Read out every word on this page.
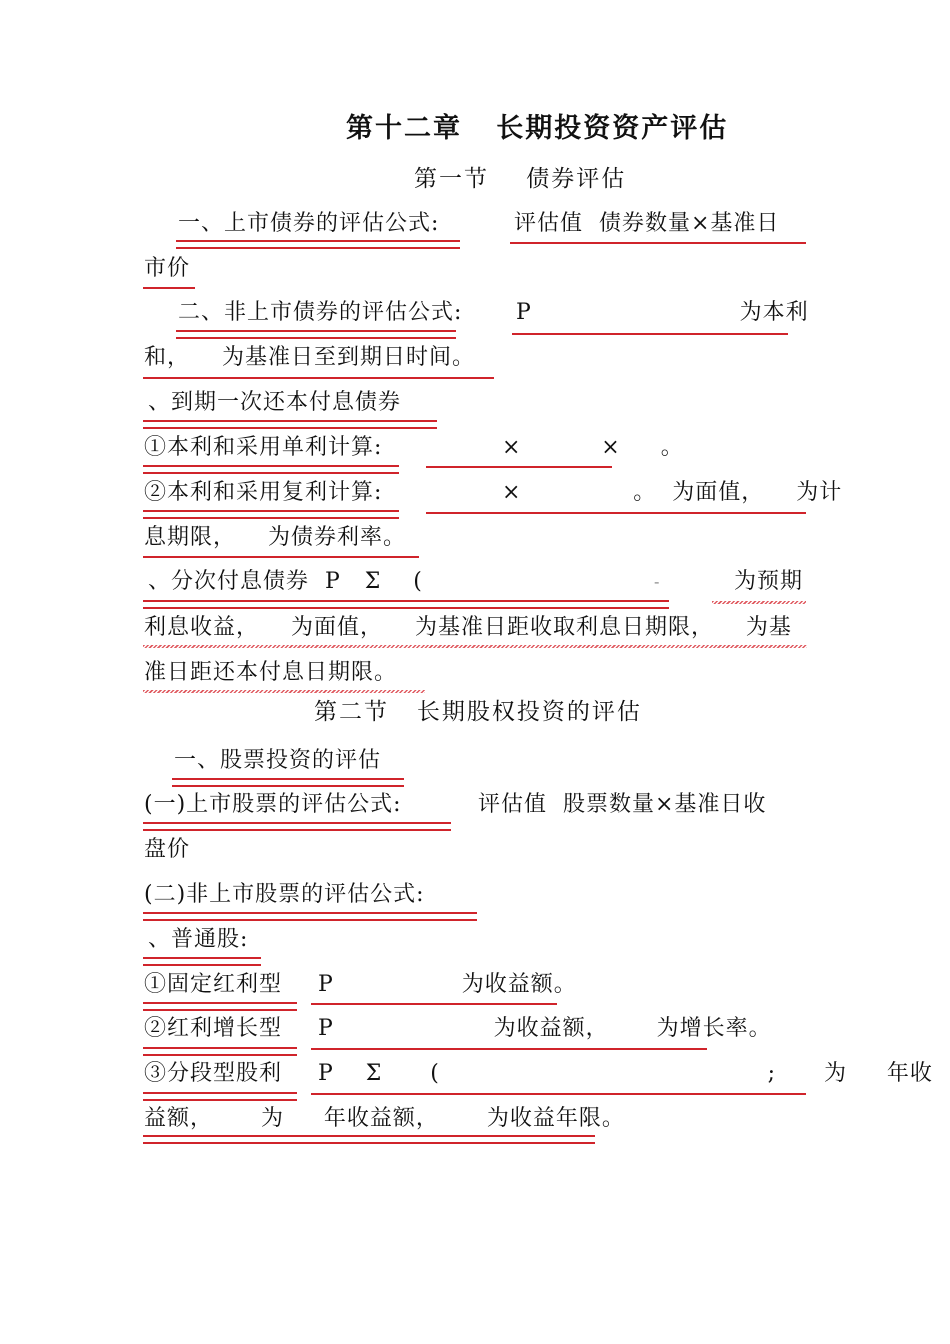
第十二章   长期投资资产评估
第一节    债券评估
一、上市债券的评估公式:	评估值  债券数量×基准日
市价
二、非上市债券的评估公式: P                          为本利
和，    为基准日至到期日时间。
、到期一次还本付息债券
①本利和采用单利计算: ×          ×     。
②本利和采用复利计算: ×              。  为面值，    为计
息期限，    为债券利率。
、分次付息债券  P   Σ    (	-	为预期
利息收益，    为面值，    为基准日距收取利息日期限，    为基
准日距还本付息日期限。
第二节   长期股权投资的评估
一、股票投资的评估
(一)上市股票的评估公式:	评估值  股票数量×基准日收
盘价
(二)非上市股票的评估公式:
、普通股:
①固定红利型 P                为收益额。
②红利增长型 P                    为收益额，      为增长率。
③分段型股利 P    Σ      (                                         ;      为     年收
益额，      为     年收益额，      为收益年限。
